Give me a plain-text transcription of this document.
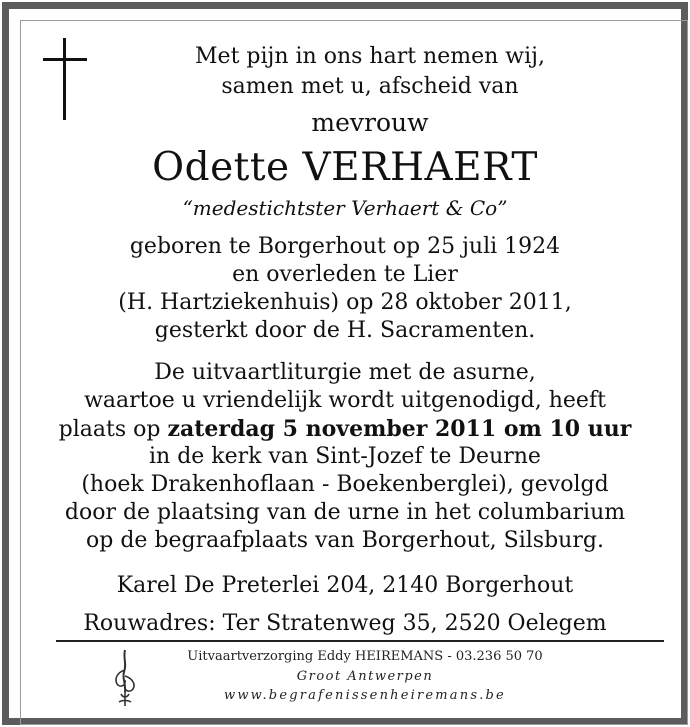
Met pijn in ons hart nemen wij,
samen met u, afscheid van
mevrouw
Odette VERHAERT
“medestichtster Verhaert & Co”
geboren te Borgerhout op 25 juli 1924
en overleden te Lier
(H. Hartziekenhuis) op 28 oktober 2011,
gesterkt door de H. Sacramenten.
De uitvaartliturgie met de asurne,
waartoe u vriendelijk wordt uitgenodigd, heeft
plaats op zaterdag 5 november 2011 om 10 uur
in de kerk van Sint-Jozef te Deurne
(hoek Drakenhoflaan - Boekenberglei), gevolgd
door de plaatsing van de urne in het columbarium
op de begraafplaats van Borgerhout, Silsburg.
Karel De Preterlei 204, 2140 Borgerhout
Rouwadres: Ter Stratenweg 35, 2520 Oelegem
Uitvaartverzorging Eddy HEIREMANS - 03.236 50 70
Groot Antwerpen
www.begrafenissenheiremans.be
